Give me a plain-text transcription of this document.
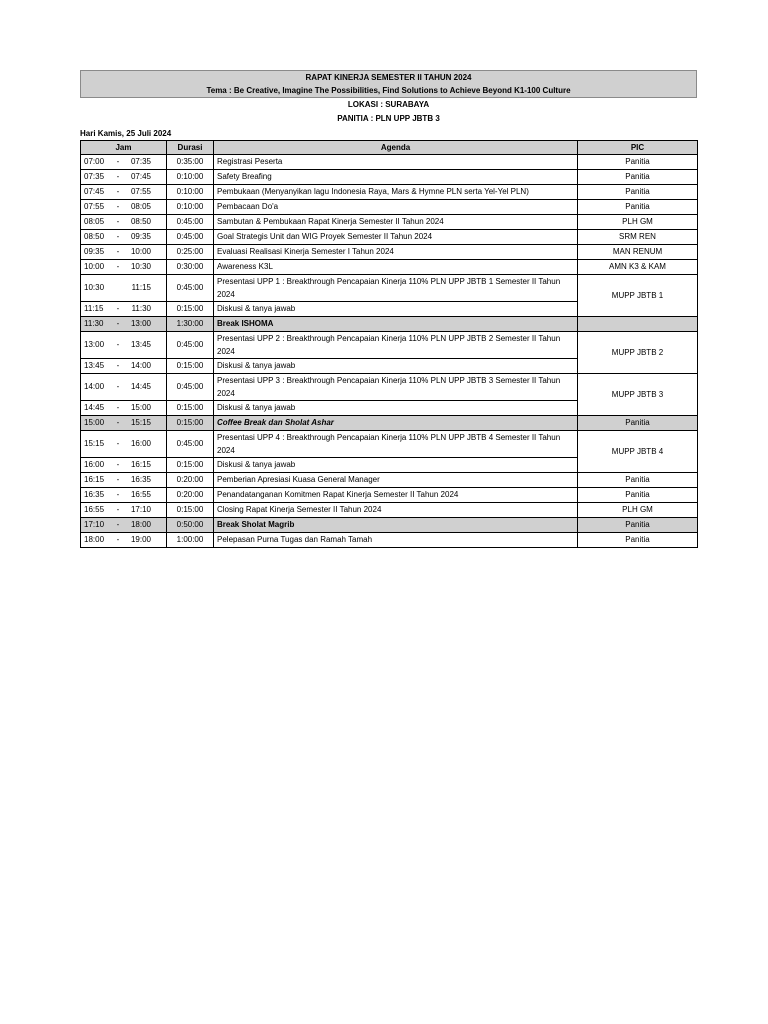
RAPAT KINERJA SEMESTER II TAHUN 2024
Tema : Be Creative, Imagine The Possibilities, Find Solutions to Achieve Beyond K1-100 Culture
LOKASI : SURABAYA
PANITIA : PLN UPP JBTB 3
Hari Kamis, 25 Juli 2024
Jam	Durasi	Agenda	PIC
07:00 - 07:35	0:35:00	Registrasi Peserta	Panitia
07:35 - 07:45	0:10:00	Safety Breafing	Panitia
07:45 - 07:55	0:10:00	Pembukaan (Menyanyikan lagu Indonesia Raya, Mars & Hymne PLN serta Yel-Yel PLN)	Panitia
07:55 - 08:05	0:10:00	Pembacaan Do'a	Panitia
08:05 - 08:50	0:45:00	Sambutan & Pembukaan Rapat Kinerja Semester II Tahun 2024	PLH GM
08:50 - 09:35	0:45:00	Goal Strategis Unit dan WIG Proyek Semester II Tahun 2024	SRM REN
09:35 - 10:00	0:25:00	Evaluasi Realisasi Kinerja Semester I Tahun 2024	MAN RENUM
10:00 - 10:30	0:30:00	Awareness K3L	AMN K3 & KAM
10:30 11:15	0:45:00	Presentasi UPP 1 : Breakthrough Pencapaian Kinerja 110% PLN UPP JBTB 1 Semester II Tahun 2024	MUPP JBTB 1
11:15 - 11:30	0:15:00	Diskusi & tanya jawab	
11:30 - 13:00	1:30:00	Break ISHOMA	
13:00 - 13:45	0:45:00	Presentasi UPP 2 : Breakthrough Pencapaian Kinerja 110% PLN UPP JBTB 2 Semester II Tahun 2024	MUPP JBTB 2
13:45 - 14:00	0:15:00	Diskusi & tanya jawab	
14:00 - 14:45	0:45:00	Presentasi UPP 3 : Breakthrough Pencapaian Kinerja 110% PLN UPP JBTB 3 Semester II Tahun 2024	MUPP JBTB 3
14:45 - 15:00	0:15:00	Diskusi & tanya jawab	
15:00 - 15:15	0:15:00	Coffee Break dan Sholat Ashar	Panitia
15:15 - 16:00	0:45:00	Presentasi UPP 4 : Breakthrough Pencapaian Kinerja 110% PLN UPP JBTB 4 Semester II Tahun 2024	MUPP JBTB 4
16:00 - 16:15	0:15:00	Diskusi & tanya jawab	
16:15 - 16:35	0:20:00	Pemberian Apresiasi Kuasa General Manager	Panitia
16:35 - 16:55	0:20:00	Penandatanganan Komitmen Rapat Kinerja Semester II Tahun 2024	Panitia
16:55 - 17:10	0:15:00	Closing Rapat Kinerja Semester II Tahun 2024	PLH GM
17:10 - 18:00	0:50:00	Break Sholat Magrib	Panitia
18:00 - 19:00	1:00:00	Pelepasan Purna Tugas dan Ramah Tamah	Panitia
